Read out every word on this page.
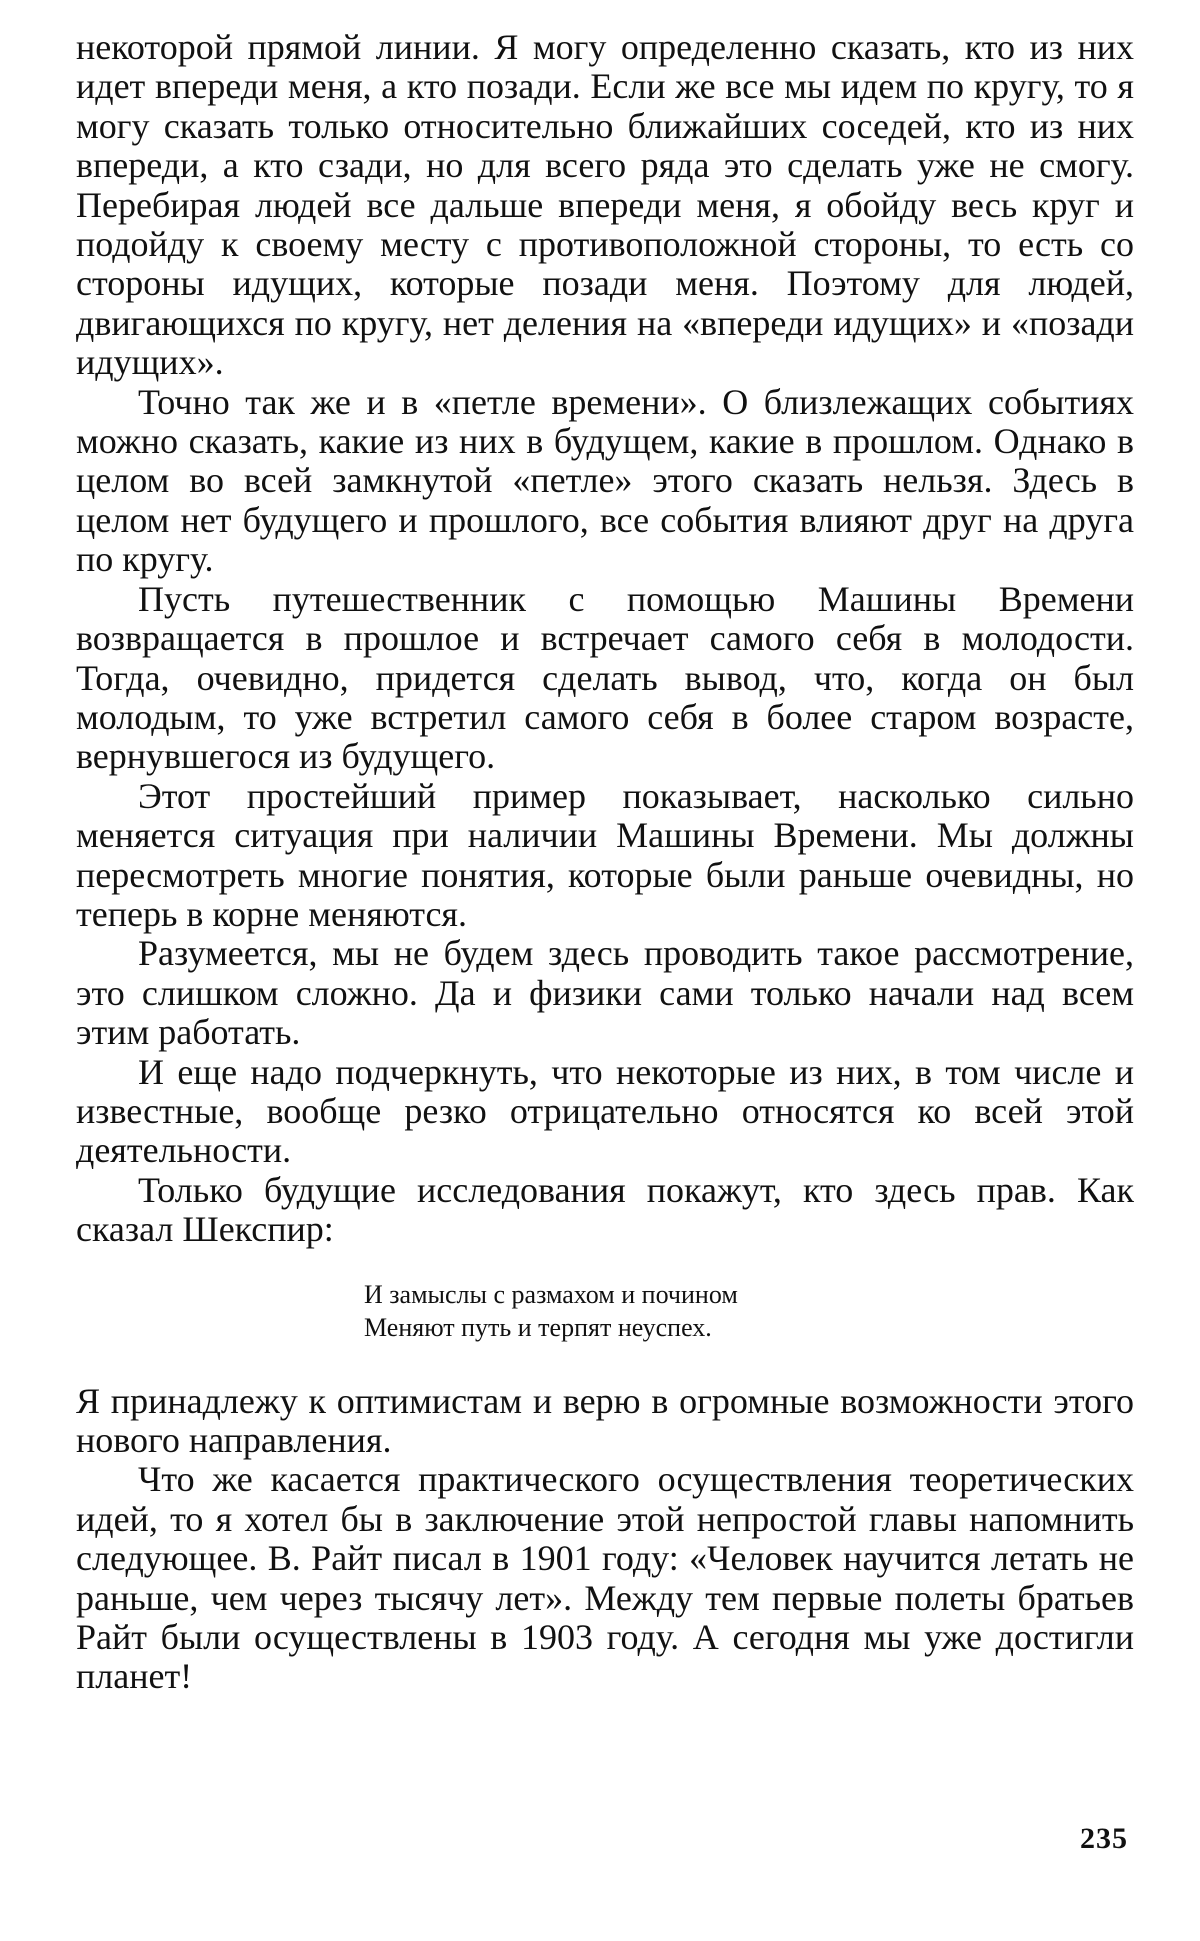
некоторой прямой линии. Я могу определенно сказать, кто из них идет впереди меня, а кто позади. Если же все мы идем по кругу, то я могу сказать только относительно ближайших соседей, кто из них впереди, а кто сзади, но для всего ряда это сделать уже не смогу. Перебирая людей все дальше впереди меня, я обойду весь круг и подойду к своему месту с противоположной стороны, то есть со стороны идущих, которые позади меня. Поэтому для людей, двигающихся по кругу, нет деления на «впереди идущих» и «позади идущих».

Точно так же и в «петле времени». О близлежащих событиях можно сказать, какие из них в будущем, какие в прошлом. Однако в целом во всей замкнутой «петле» этого сказать нельзя. Здесь в целом нет будущего и прошлого, все события влияют друг на друга по кругу.

Пусть путешественник с помощью Машины Времени возвращается в прошлое и встречает самого себя в молодости. Тогда, очевидно, придется сделать вывод, что, когда он был молодым, то уже встретил самого себя в более старом возрасте, вернувшегося из будущего.

Этот простейший пример показывает, насколько сильно меняется ситуация при наличии Машины Времени. Мы должны пересмотреть многие понятия, которые были раньше очевидны, но теперь в корне меняются.

Разумеется, мы не будем здесь проводить такое рассмотрение, это слишком сложно. Да и физики сами только начали над всем этим работать.

И еще надо подчеркнуть, что некоторые из них, в том числе и известные, вообще резко отрицательно относятся ко всей этой деятельности.

Только будущие исследования покажут, кто здесь прав. Как сказал Шекспир:

И замыслы с размахом и почином
Меняют путь и терпят неуспех.

Я принадлежу к оптимистам и верю в огромные возможности этого нового направления.

Что же касается практического осуществления теоретических идей, то я хотел бы в заключение этой непростой главы напомнить следующее. В. Райт писал в 1901 году: «Человек научится летать не раньше, чем через тысячу лет». Между тем первые полеты братьев Райт были осуществлены в 1903 году. А сегодня мы уже достигли планет!

235
